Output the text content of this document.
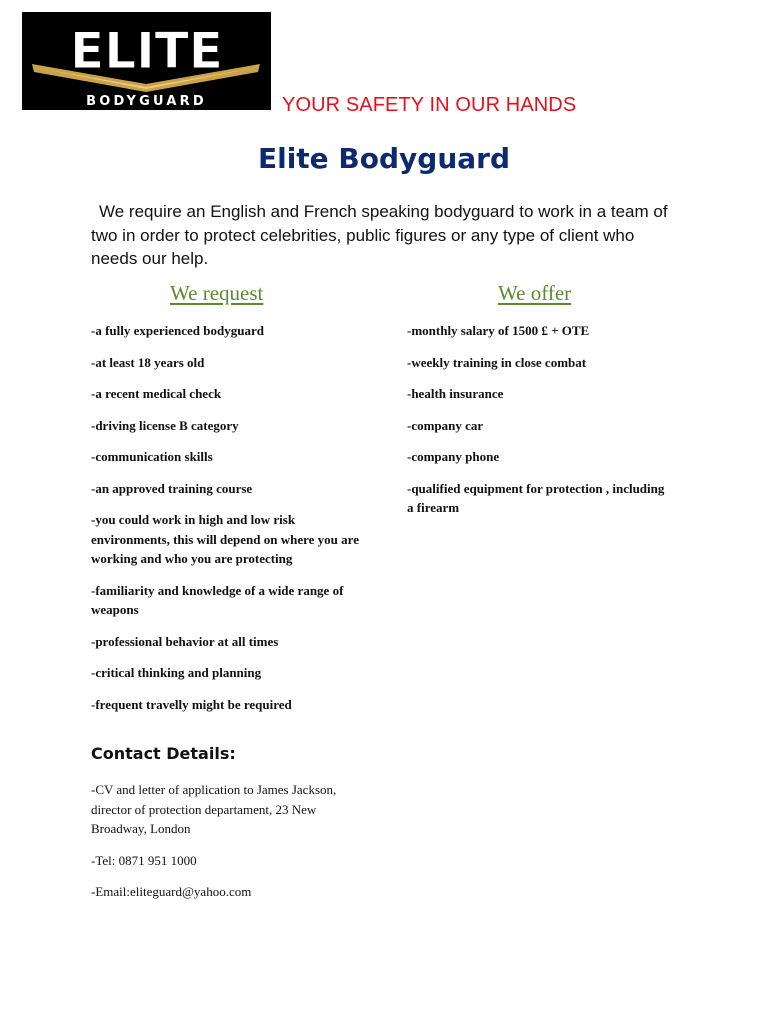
ELITE
BODYGUARD	YOUR SAFETY IN OUR HANDS
Elite Bodyguard

We require an English and French speaking bodyguard to work in a team of two in order to protect celebrities, public figures or any type of client who needs our help.

We request	We offer
-a fully experienced bodyguard
-at least 18 years old
-a recent medical check
-driving license B category
-communication skills
-an approved training course
-you could work in high and low risk environments, this will depend on where you are working and who you are protecting
-familiarity and knowledge of a wide range of weapons
-professional behavior at all times
-critical thinking and planning
-frequent travelly might be required
-monthly salary of 1500 £ + OTE
-weekly training in close combat
-health insurance
-company car
-company phone
-qualified equipment for protection , including a firearm
Contact Details:
-CV and letter of application to James Jackson, director of protection departament, 23 New Broadway, London
-Tel: 0871 951 1000
-Email:eliteguard@yahoo.com
